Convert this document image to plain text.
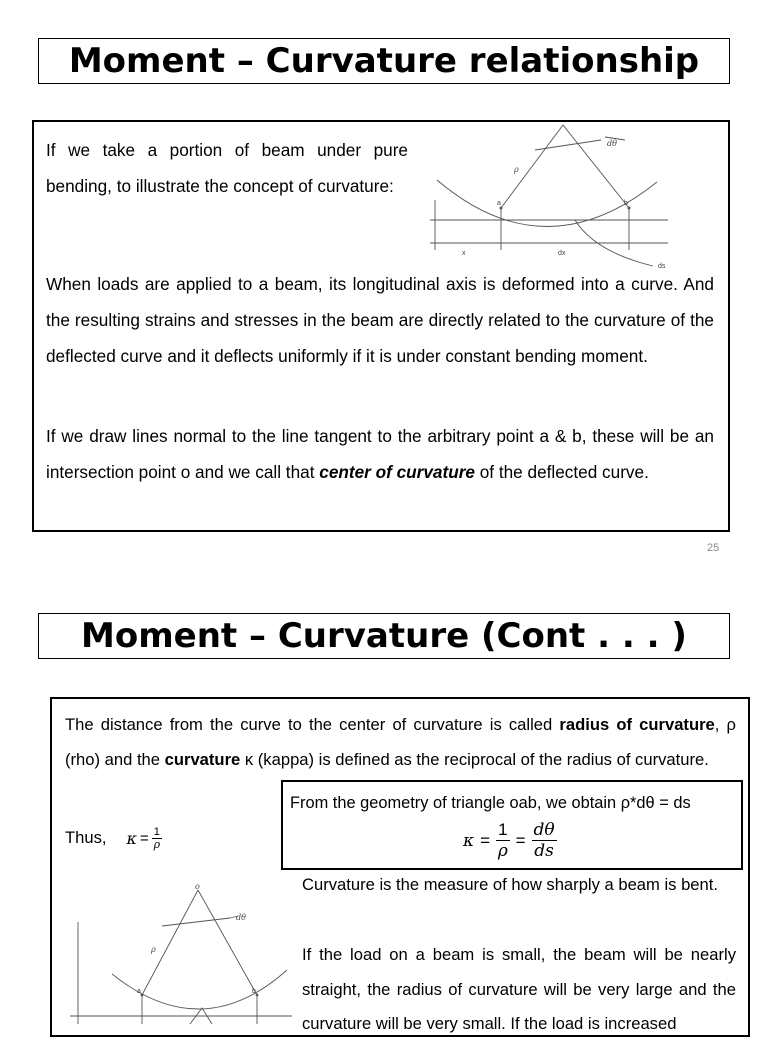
Moment – Curvature relationship

If we take a portion of beam under pure bending, to illustrate the concept of curvature:

dθ
ρ
a	b
x	dx
ds

When loads are applied to a beam, its longitudinal axis is deformed into a curve. And the resulting strains and stresses in the beam are directly related to the curvature of the deflected curve and it deflects uniformly if it is under constant bending moment.

If we draw lines normal to the line tangent to the arbitrary point a & b, these will be an intersection point o and we call that center of curvature of the deflected curve.

25
Moment – Curvature (Cont . . . )

The distance from the curve to the center of curvature is called radius of curvature, ρ (rho) and the curvature κ (kappa) is defined as the reciprocal of the radius of curvature.

Thus, $\kappa = \frac{1}{\rho}$
From the geometry of triangle oab, we obtain ρ*dθ = ds
$\kappa = \frac{1}{\rho} = \frac{d\theta}{ds}$
o
dθ
ρ
a	b

Curvature is the measure of how sharply a beam is bent.

If the load on a beam is small, the beam will be nearly straight, the radius of curvature will be very large and the curvature will be very small. If the load is increased
